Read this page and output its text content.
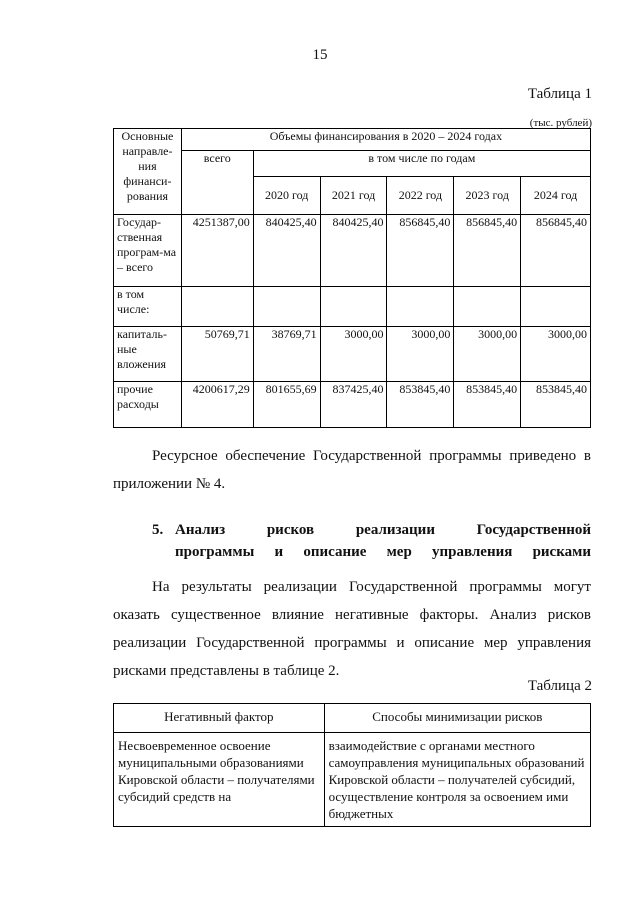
15
Таблица 1
(тыс. рублей)
Основные направле-ния финанси-рования	Объемы финансирования в 2020 – 2024 годах					
	всего	в том числе по годам				
		2020 год	2021 год	2022 год	2023 год	2024 год
Государ-ственная програм-ма – всего	4251387,00	840425,40	840425,40	856845,40	856845,40	856845,40
в том числе:						
капиталь-ные вложения	50769,71	38769,71	3000,00	3000,00	3000,00	3000,00
прочие расходы	4200617,29	801655,69	837425,40	853845,40	853845,40	853845,40
Ресурсное обеспечение Государственной программы приведено в
приложении № 4.
5. Анализ	рисков	реализации	Государственной
программы и описание мер управления рисками
На результаты реализации Государственной программы могут
оказать существенное влияние негативные факторы. Анализ рисков
реализации Государственной программы и описание мер управления
рисками представлены в таблице 2.
Таблица 2
Негативный фактор	Способы минимизации рисков
Несвоевременное освоение муниципальными образованиями Кировской области – получателями субсидий средств на	взаимодействие с органами местного самоуправления муниципальных образований Кировской области – получателей субсидий, осуществление контроля за освоением ими бюджетных
